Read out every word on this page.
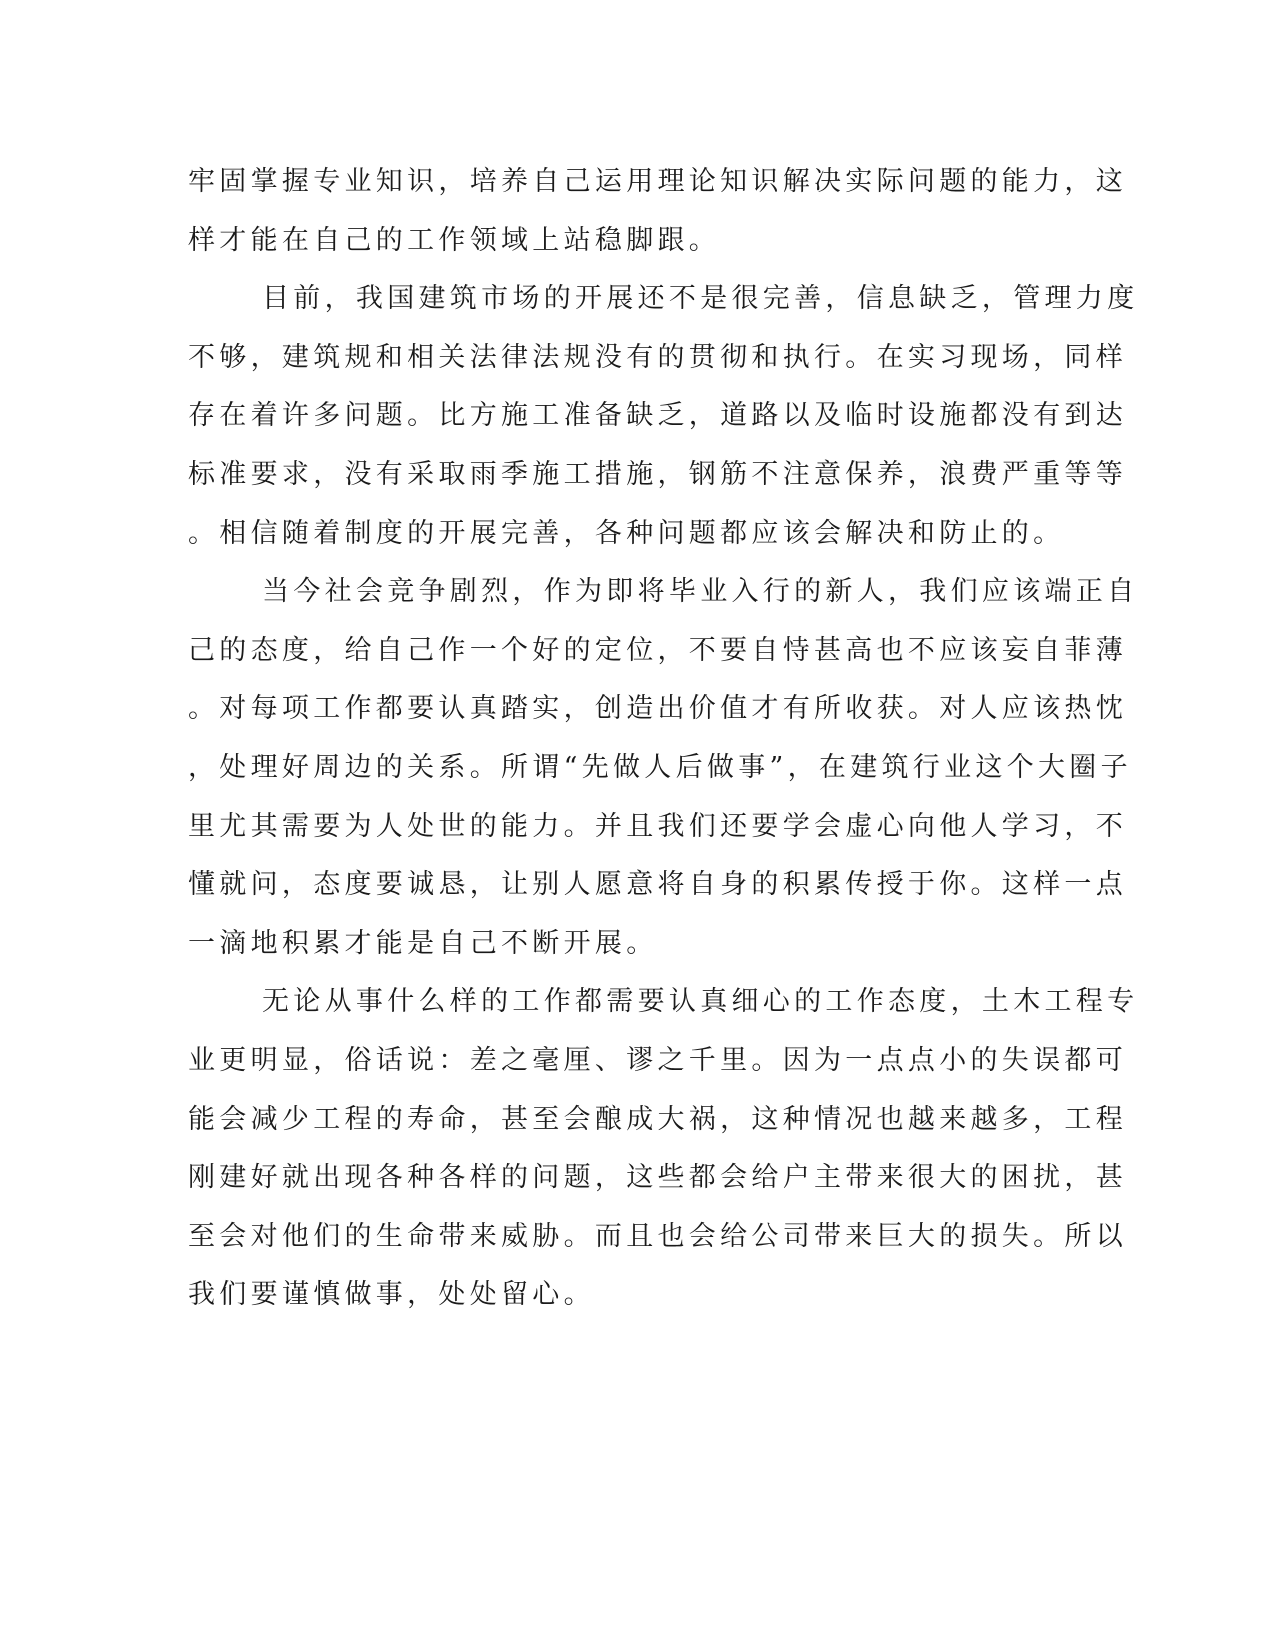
牢固掌握专业知识，培养自己运用理论知识解决实际问题的能力，这
样才能在自己的工作领域上站稳脚跟。
目前，我国建筑市场的开展还不是很完善，信息缺乏，管理力度
不够，建筑规和相关法律法规没有的贯彻和执行。在实习现场，同样
存在着许多问题。比方施工准备缺乏，道路以及临时设施都没有到达
标准要求，没有采取雨季施工措施，钢筋不注意保养，浪费严重等等
。相信随着制度的开展完善，各种问题都应该会解决和防止的。
当今社会竞争剧烈，作为即将毕业入行的新人，我们应该端正自
己的态度，给自己作一个好的定位，不要自恃甚高也不应该妄自菲薄
。对每项工作都要认真踏实，创造出价值才有所收获。对人应该热忱
，处理好周边的关系。所谓“先做人后做事”，在建筑行业这个大圈子
里尤其需要为人处世的能力。并且我们还要学会虚心向他人学习，不
懂就问，态度要诚恳，让别人愿意将自身的积累传授于你。这样一点
一滴地积累才能是自己不断开展。
无论从事什么样的工作都需要认真细心的工作态度，土木工程专
业更明显，俗话说：差之毫厘、谬之千里。因为一点点小的失误都可
能会减少工程的寿命，甚至会酿成大祸，这种情况也越来越多，工程
刚建好就出现各种各样的问题，这些都会给户主带来很大的困扰，甚
至会对他们的生命带来威胁。而且也会给公司带来巨大的损失。所以
我们要谨慎做事，处处留心。
